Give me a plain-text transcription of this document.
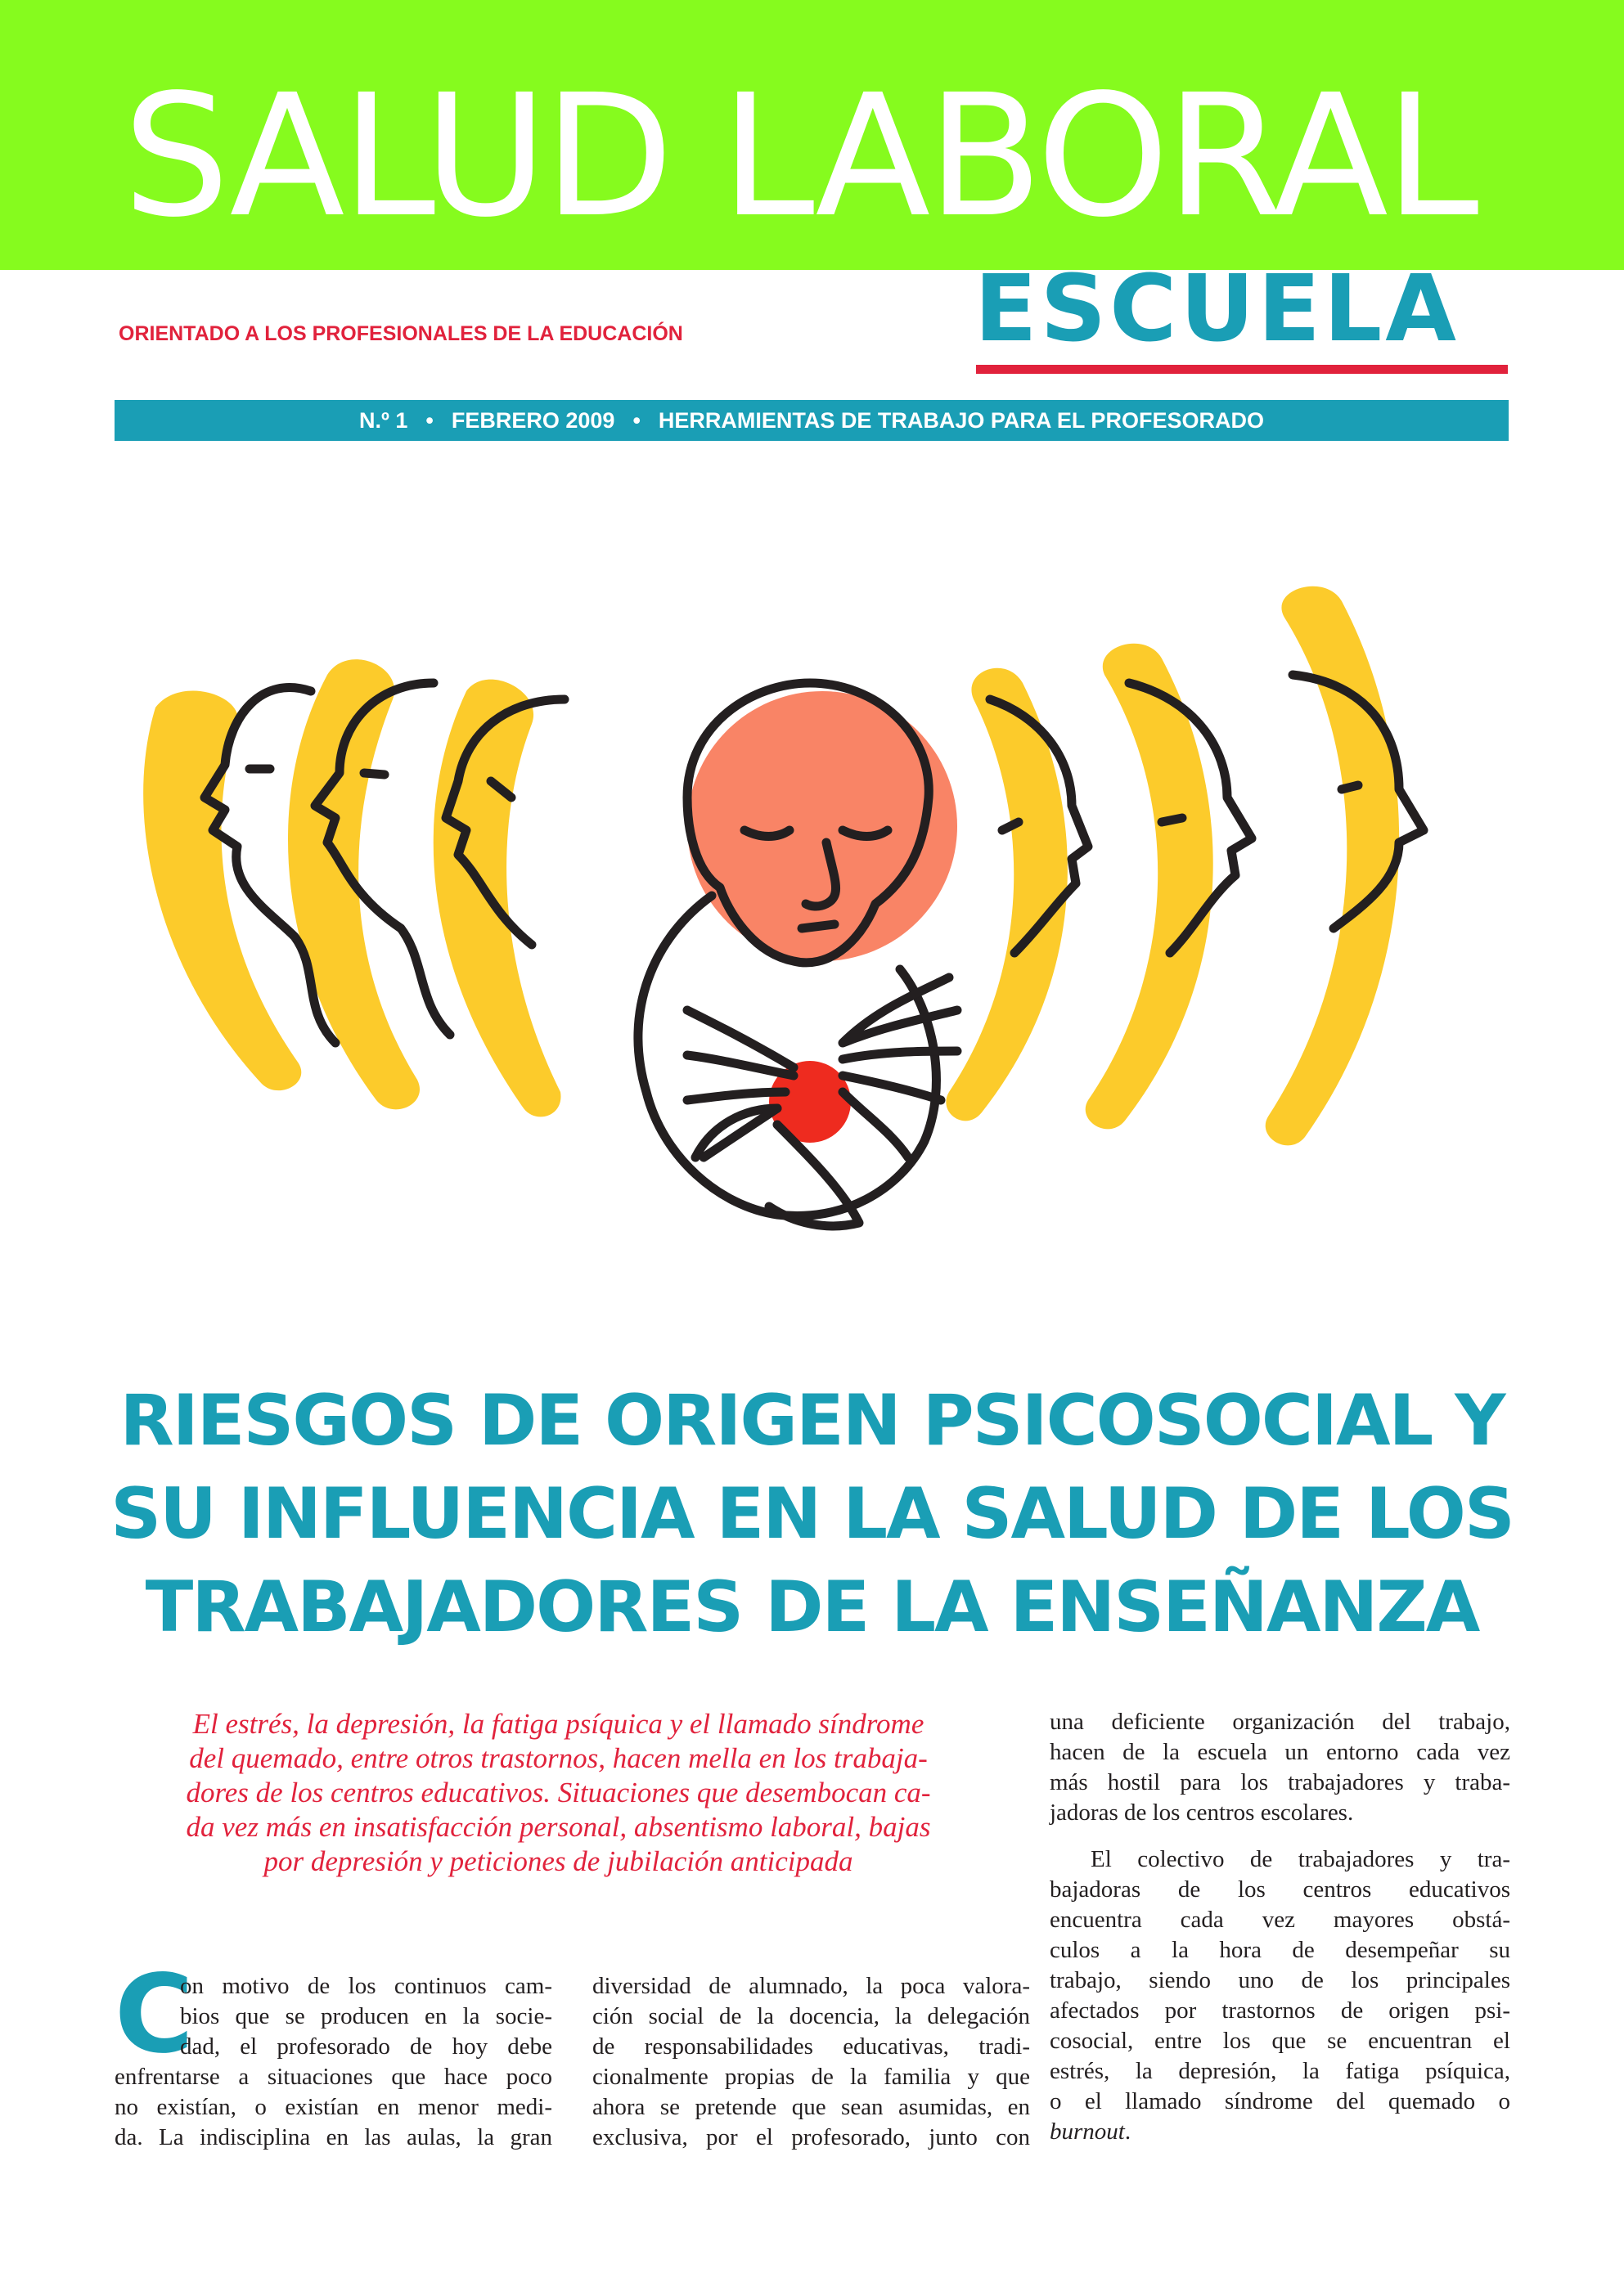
SALUD LABORAL
ORIENTADO A LOS PROFESIONALES DE LA EDUCACIÓN	ESCUELA
N.º 1 • FEBRERO 2009 • HERRAMIENTAS DE TRABAJO PARA EL PROFESORADO
RIESGOS DE ORIGEN PSICOSOCIAL Y
SU INFLUENCIA EN LA SALUD DE LOS
TRABAJADORES DE LA ENSEÑANZA

El estrés, la depresión, la fatiga psíquica y el llamado síndrome
del quemado, entre otros trastornos, hacen mella en los trabaja-
dores de los centros educativos. Situaciones que desembocan ca-
da vez más en insatisfacción personal, absentismo laboral, bajas
por depresión y peticiones de jubilación anticipada

C
on motivo de los continuos cam-
bios que se producen en la socie-
dad, el profesorado de hoy debe
enfrentarse a situaciones que hace poco
no existían, o existían en menor medi-
da. La indisciplina en las aulas, la gran
diversidad de alumnado, la poca valora-
ción social de la docencia, la delegación
de responsabilidades educativas, tradi-
cionalmente propias de la familia y que
ahora se pretende que sean asumidas, en
exclusiva, por el profesorado, junto con
una deficiente organización del trabajo,
hacen de la escuela un entorno cada vez
más hostil para los trabajadores y traba-
jadoras de los centros escolares.
El colectivo de trabajadores y tra-
bajadoras de los centros educativos
encuentra cada vez mayores obstá-
culos a la hora de desempeñar su
trabajo, siendo uno de los principales
afectados por trastornos de origen psi-
cosocial, entre los que se encuentran el
estrés, la depresión, la fatiga psíquica,
o el llamado síndrome del quemado o
burnout.
